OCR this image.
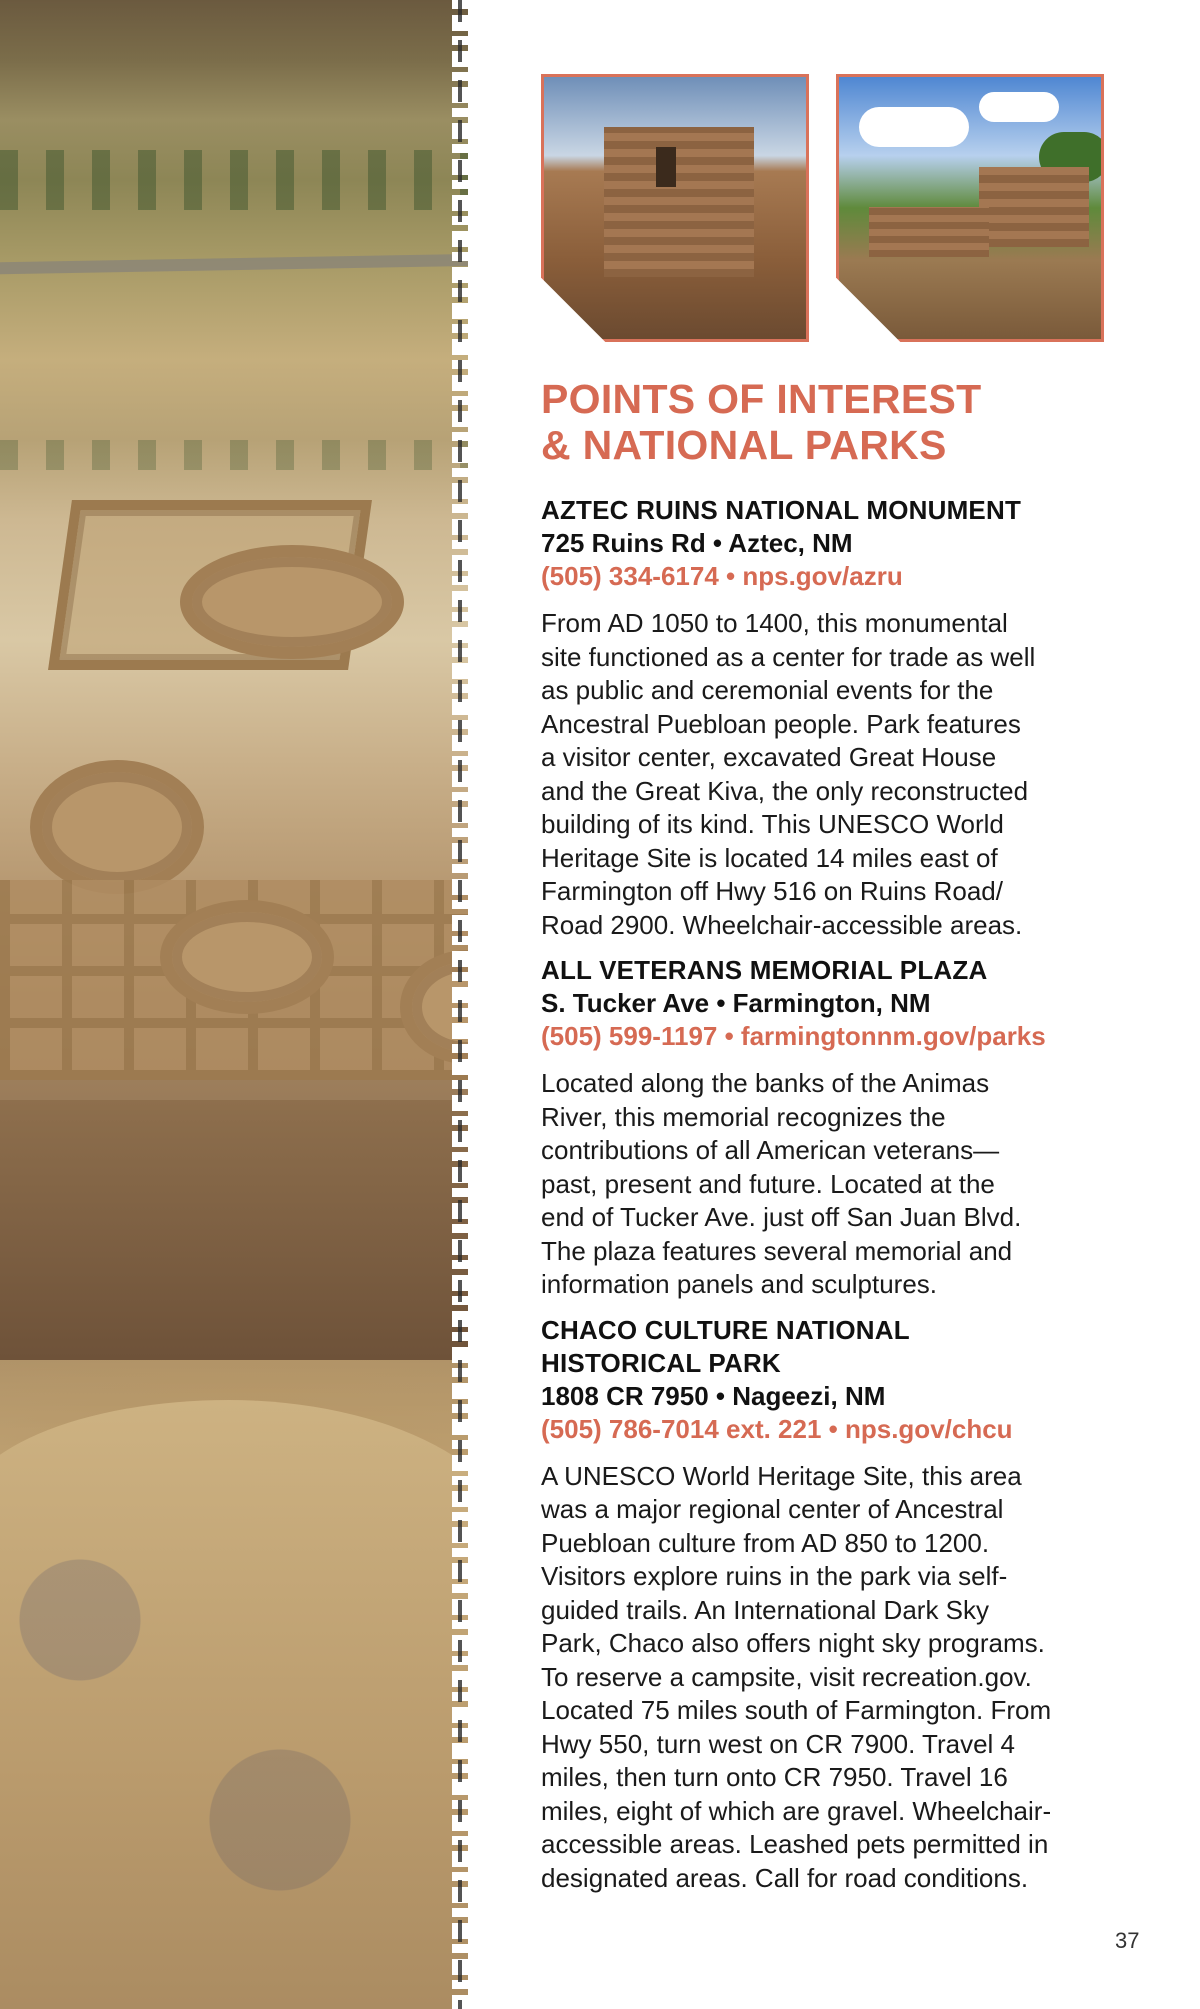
POINTS OF INTEREST
& NATIONAL PARKS
AZTEC RUINS NATIONAL MONUMENT
725 Ruins Rd • Aztec, NM
(505) 334-6174 • nps.gov/azru
From AD 1050 to 1400, this monumental
site functioned as a center for trade as well
as public and ceremonial events for the
Ancestral Puebloan people. Park features
a visitor center, excavated Great House
and the Great Kiva, the only reconstructed
building of its kind. This UNESCO World
Heritage Site is located 14 miles east of
Farmington off Hwy 516 on Ruins Road/
Road 2900. Wheelchair-accessible areas.
ALL VETERANS MEMORIAL PLAZA
S. Tucker Ave • Farmington, NM
(505) 599-1197 • farmingtonnm.gov/parks
Located along the banks of the Animas
River, this memorial recognizes the
contributions of all American veterans—
past, present and future. Located at the
end of Tucker Ave. just off San Juan Blvd.
The plaza features several memorial and
information panels and sculptures.
CHACO CULTURE NATIONAL
HISTORICAL PARK
1808 CR 7950 • Nageezi, NM
(505) 786-7014 ext. 221 • nps.gov/chcu
A UNESCO World Heritage Site, this area
was a major regional center of Ancestral
Puebloan culture from AD 850 to 1200.
Visitors explore ruins in the park via self-
guided trails. An International Dark Sky
Park, Chaco also offers night sky programs.
To reserve a campsite, visit recreation.gov.
Located 75 miles south of Farmington. From
Hwy 550, turn west on CR 7900. Travel 4
miles, then turn onto CR 7950. Travel 16
miles, eight of which are gravel. Wheelchair-
accessible areas. Leashed pets permitted in
designated areas. Call for road conditions.
37
